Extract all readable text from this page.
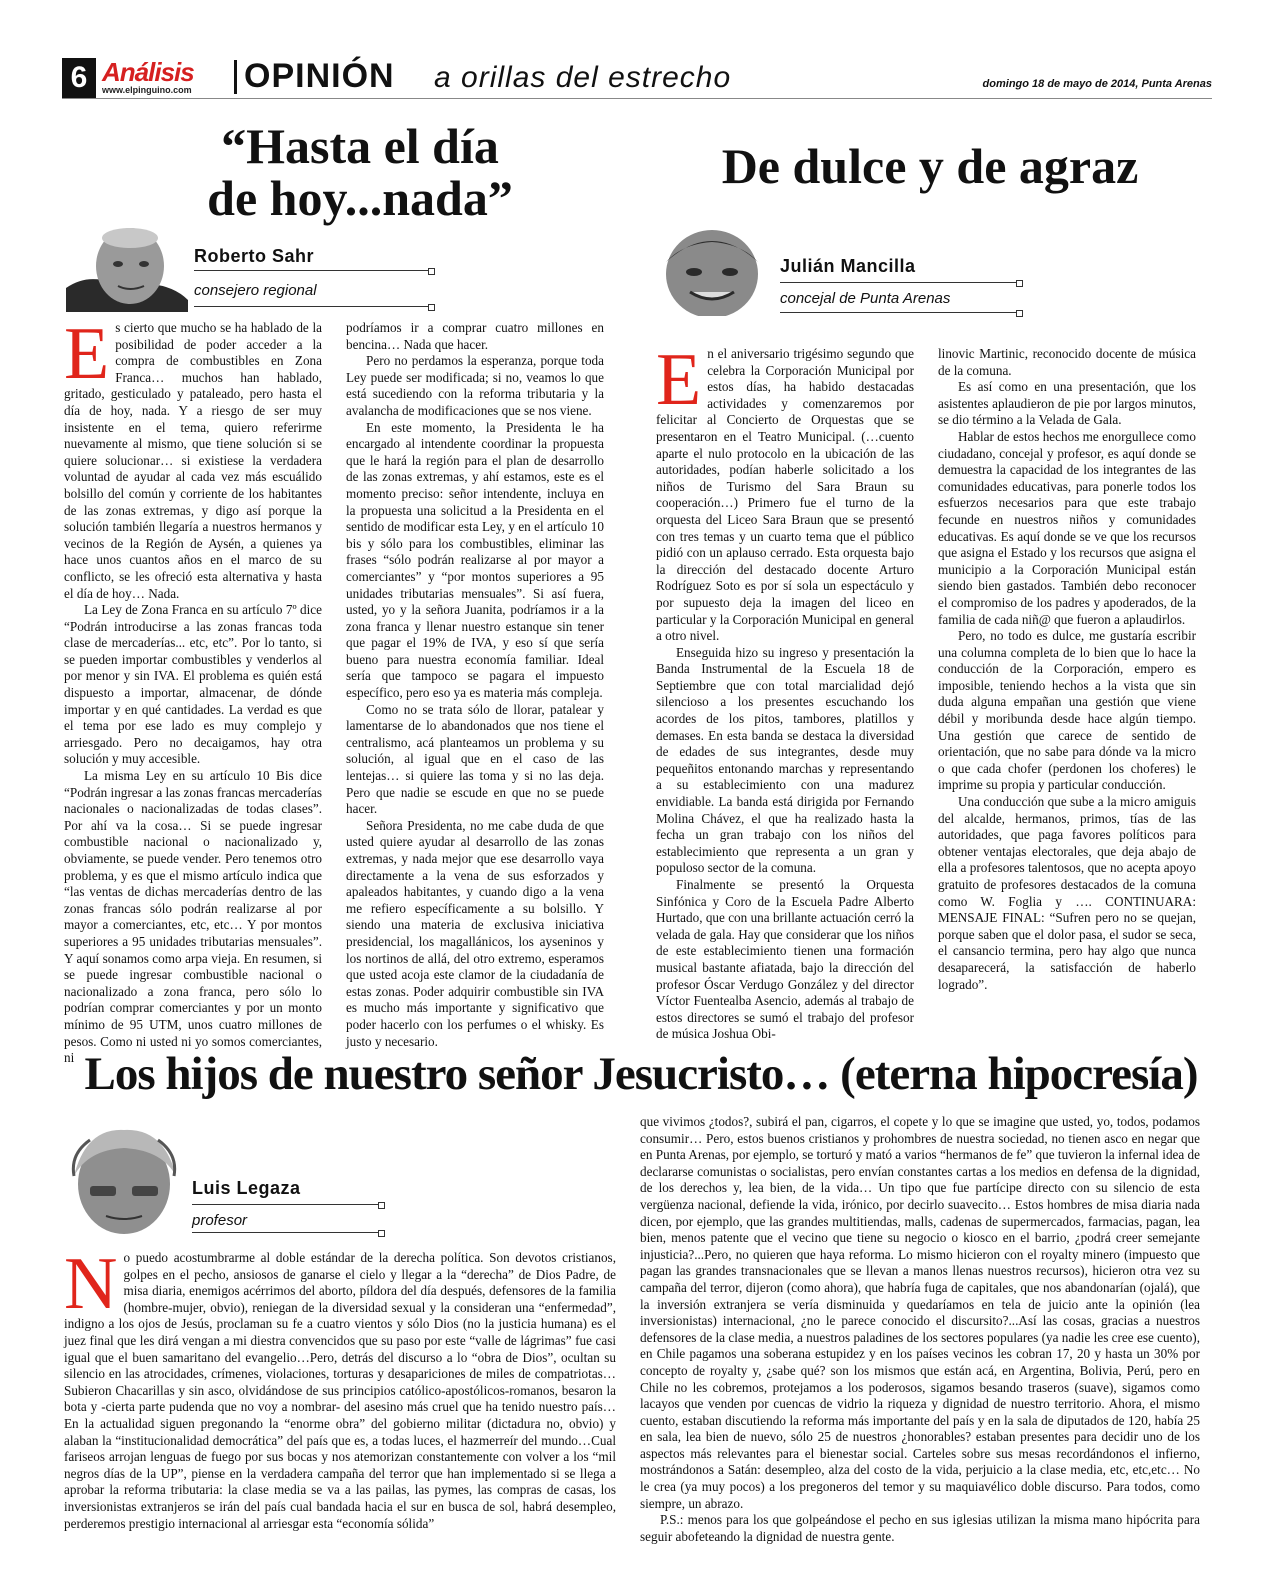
6 Análisis
www.elpinguino.com OPINIÓN a orillas del estrecho	domingo 18 de mayo de 2014, Punta Arenas
“Hasta el día
de hoy...nada”
Roberto Sahr
consejero regional

Es cierto que mucho se ha hablado de la posibilidad de poder acceder a la compra de combustibles en Zona Franca… muchos han hablado, gritado, gesticulado y pataleado, pero hasta el día de hoy, nada. Y a riesgo de ser muy insistente en el tema, quiero referirme nuevamente al mismo, que tiene solución si se quiere solucionar… si existiese la verdadera voluntad de ayudar al cada vez más escuálido bolsillo del común y corriente de los habitantes de las zonas extremas, y digo así porque la solución también llegaría a nuestros hermanos y vecinos de la Región de Aysén, a quienes ya hace unos cuantos años en el marco de su conflicto, se les ofreció esta alternativa y hasta el día de hoy… Nada.

La Ley de Zona Franca en su artículo 7º dice “Podrán introducirse a las zonas francas toda clase de mercaderías... etc, etc”. Por lo tanto, si se pueden importar combustibles y venderlos al por menor y sin IVA. El problema es quién está dispuesto a importar, almacenar, de dónde importar y en qué cantidades. La verdad es que el tema por ese lado es muy complejo y arriesgado. Pero no decaigamos, hay otra solución y muy accesible.

La misma Ley en su artículo 10 Bis dice “Podrán ingresar a las zonas francas mercaderías nacionales o nacionalizadas de todas clases”. Por ahí va la cosa… Si se puede ingresar combustible nacional o nacionalizado y, obviamente, se puede vender. Pero tenemos otro problema, y es que el mismo artículo indica que “las ventas de dichas mercaderías dentro de las zonas francas sólo podrán realizarse al por mayor a comerciantes, etc, etc… Y por montos superiores a 95 unidades tributarias mensuales”. Y aquí sonamos como arpa vieja. En resumen, si se puede ingresar combustible nacional o nacionalizado a zona franca, pero sólo lo podrían comprar comerciantes y por un monto mínimo de 95 UTM, unos cuatro millones de pesos. Como ni usted ni yo somos comerciantes, ni

podríamos ir a comprar cuatro millones en bencina… Nada que hacer.

Pero no perdamos la esperanza, porque toda Ley puede ser modificada; si no, veamos lo que está sucediendo con la reforma tributaria y la avalancha de modificaciones que se nos viene.

En este momento, la Presidenta le ha encargado al intendente coordinar la propuesta que le hará la región para el plan de desarrollo de las zonas extremas, y ahí estamos, este es el momento preciso: señor intendente, incluya en la propuesta una solicitud a la Presidenta en el sentido de modificar esta Ley, y en el artículo 10 bis y sólo para los combustibles, eliminar las frases “sólo podrán realizarse al por mayor a comerciantes” y “por montos superiores a 95 unidades tributarias mensuales”. Si así fuera, usted, yo y la señora Juanita, podríamos ir a la zona franca y llenar nuestro estanque sin tener que pagar el 19% de IVA, y eso sí que sería bueno para nuestra economía familiar. Ideal sería que tampoco se pagara el impuesto específico, pero eso ya es materia más compleja.

Como no se trata sólo de llorar, patalear y lamentarse de lo abandonados que nos tiene el centralismo, acá planteamos un problema y su solución, al igual que en el caso de las lentejas… si quiere las toma y si no las deja. Pero que nadie se escude en que no se puede hacer.

Señora Presidenta, no me cabe duda de que usted quiere ayudar al desarrollo de las zonas extremas, y nada mejor que ese desarrollo vaya directamente a la vena de sus esforzados y apaleados habitantes, y cuando digo a la vena me refiero específicamente a su bolsillo. Y siendo una materia de exclusiva iniciativa presidencial, los magallánicos, los ayseninos y los nortinos de allá, del otro extremo, esperamos que usted acoja este clamor de la ciudadanía de estas zonas. Poder adquirir combustible sin IVA es mucho más importante y significativo que poder hacerlo con los perfumes o el whisky. Es justo y necesario.

De dulce y de agraz
Julián Mancilla
concejal de Punta Arenas

En el aniversario trigésimo segundo que celebra la Corporación Municipal por estos días, ha habido destacadas actividades y comenzaremos por felicitar al Concierto de Orquestas que se presentaron en el Teatro Municipal. (…cuento aparte el nulo protocolo en la ubicación de las autoridades, podían haberle solicitado a los niños de Turismo del Sara Braun su cooperación…) Primero fue el turno de la orquesta del Liceo Sara Braun que se presentó con tres temas y un cuarto tema que el público pidió con un aplauso cerrado. Esta orquesta bajo la dirección del destacado docente Arturo Rodríguez Soto es por sí sola un espectáculo y por supuesto deja la imagen del liceo en particular y la Corporación Municipal en general a otro nivel.

Enseguida hizo su ingreso y presentación la Banda Instrumental de la Escuela 18 de Septiembre que con total marcialidad dejó silencioso a los presentes escuchando los acordes de los pitos, tambores, platillos y demases. En esta banda se destaca la diversidad de edades de sus integrantes, desde muy pequeñitos entonando marchas y representando a su establecimiento con una madurez envidiable. La banda está dirigida por Fernando Molina Chávez, el que ha realizado hasta la fecha un gran trabajo con los niños del establecimiento que representa a un gran y populoso sector de la comuna.

Finalmente se presentó la Orquesta Sinfónica y Coro de la Escuela Padre Alberto Hurtado, que con una brillante actuación cerró la velada de gala. Hay que considerar que los niños de este establecimiento tienen una formación musical bastante afiatada, bajo la dirección del profesor Óscar Verdugo González y del director Víctor Fuentealba Asencio, además al trabajo de estos directores se sumó el trabajo del profesor de música Joshua Obi-

linovic Martinic, reconocido docente de música de la comuna.

Es así como en una presentación, que los asistentes aplaudieron de pie por largos minutos, se dio término a la Velada de Gala.

Hablar de estos hechos me enorgullece como ciudadano, concejal y profesor, es aquí donde se demuestra la capacidad de los integrantes de las comunidades educativas, para ponerle todos los esfuerzos necesarios para que este trabajo fecunde en nuestros niños y comunidades educativas. Es aquí donde se ve que los recursos que asigna el Estado y los recursos que asigna el municipio a la Corporación Municipal están siendo bien gastados. También debo reconocer el compromiso de los padres y apoderados, de la familia de cada niñ@ que fueron a aplaudirlos.

Pero, no todo es dulce, me gustaría escribir una columna completa de lo bien que lo hace la conducción de la Corporación, empero es imposible, teniendo hechos a la vista que sin duda alguna empañan una gestión que viene débil y moribunda desde hace algún tiempo. Una gestión que carece de sentido de orientación, que no sabe para dónde va la micro o que cada chofer (perdonen los choferes) le imprime su propia y particular conducción.

Una conducción que sube a la micro amiguis del alcalde, hermanos, primos, tías de las autoridades, que paga favores políticos para obtener ventajas electorales, que deja abajo de ella a profesores talentosos, que no acepta apoyo gratuito de profesores destacados de la comuna como W. Foglia y …. CONTINUARA: MENSAJE FINAL: “Sufren pero no se quejan, porque saben que el dolor pasa, el sudor se seca, el cansancio termina, pero hay algo que nunca desaparecerá, la satisfacción de haberlo logrado”.

Los hijos de nuestro señor Jesucristo… (eterna hipocresía)
Luis Legaza
profesor

No puedo acostumbrarme al doble estándar de la derecha política. Son devotos cristianos, golpes en el pecho, ansiosos de ganarse el cielo y llegar a la “derecha” de Dios Padre, de misa diaria, enemigos acérrimos del aborto, píldora del día después, defensores de la familia (hombre-mujer, obvio), reniegan de la diversidad sexual y la consideran una “enfermedad”, indigno a los ojos de Jesús, proclaman su fe a cuatro vientos y sólo Dios (no la justicia humana) es el juez final que les dirá vengan a mi diestra convencidos que su paso por este “valle de lágrimas” fue casi igual que el buen samaritano del evangelio…Pero, detrás del discurso a lo “obra de Dios”, ocultan su silencio en las atrocidades, crímenes, violaciones, torturas y desapariciones de miles de compatriotas… Subieron Chacarillas y sin asco, olvidándose de sus principios católico-apostólicos-romanos, besaron la bota y -cierta parte pudenda que no voy a nombrar- del asesino más cruel que ha tenido nuestro país… En la actualidad siguen pregonando la “enorme obra” del gobierno militar (dictadura no, obvio) y alaban la “institucionalidad democrática” del país que es, a todas luces, el hazmerreír del mundo…Cual fariseos arrojan lenguas de fuego por sus bocas y nos atemorizan constantemente con volver a los “mil negros días de la UP”, piense en la verdadera campaña del terror que han implementado si se llega a aprobar la reforma tributaria: la clase media se va a las pailas, las pymes, las compras de casas, los inversionistas extranjeros se irán del país cual bandada hacia el sur en busca de sol, habrá desempleo, perderemos prestigio internacional al arriesgar esta “economía sólida”

que vivimos ¿todos?, subirá el pan, cigarros, el copete y lo que se imagine que usted, yo, todos, podamos consumir… Pero, estos buenos cristianos y prohombres de nuestra sociedad, no tienen asco en negar que en Punta Arenas, por ejemplo, se torturó y mató a varios “hermanos de fe” que tuvieron la infernal idea de declararse comunistas o socialistas, pero envían constantes cartas a los medios en defensa de la dignidad, de los derechos y, lea bien, de la vida… Un tipo que fue partícipe directo con su silencio de esta vergüenza nacional, defiende la vida, irónico, por decirlo suavecito… Estos hombres de misa diaria nada dicen, por ejemplo, que las grandes multitiendas, malls, cadenas de supermercados, farmacias, pagan, lea bien, menos patente que el vecino que tiene su negocio o kiosco en el barrio, ¿podrá creer semejante injusticia?...Pero, no quieren que haya reforma. Lo mismo hicieron con el royalty minero (impuesto que pagan las grandes transnacionales que se llevan a manos llenas nuestros recursos), hicieron otra vez su campaña del terror, dijeron (como ahora), que habría fuga de capitales, que nos abandonarían (ojalá), que la inversión extranjera se vería disminuida y quedaríamos en tela de juicio ante la opinión (lea inversionistas) internacional, ¿no le parece conocido el discursito?...Así las cosas, gracias a nuestros defensores de la clase media, a nuestros paladines de los sectores populares (ya nadie les cree ese cuento), en Chile pagamos una soberana estupidez y en los países vecinos les cobran 17, 20 y hasta un 30% por concepto de royalty y, ¿sabe qué? son los mismos que están acá, en Argentina, Bolivia, Perú, pero en Chile no les cobremos, protejamos a los poderosos, sigamos besando traseros (suave), sigamos como lacayos que venden por cuencas de vidrio la riqueza y dignidad de nuestro territorio. Ahora, el mismo cuento, estaban discutiendo la reforma más importante del país y en la sala de diputados de 120, había 25 en sala, lea bien de nuevo, sólo 25 de nuestros ¿honorables? estaban presentes para decidir uno de los aspectos más relevantes para el bienestar social. Carteles sobre sus mesas recordándonos el infierno, mostrándonos a Satán: desempleo, alza del costo de la vida, perjuicio a la clase media, etc, etc,etc… No le crea (ya muy pocos) a los pregoneros del temor y su maquiavélico doble discurso. Para todos, como siempre, un abrazo.

P.S.: menos para los que golpeándose el pecho en sus iglesias utilizan la misma mano hipócrita para seguir abofeteando la dignidad de nuestra gente.
